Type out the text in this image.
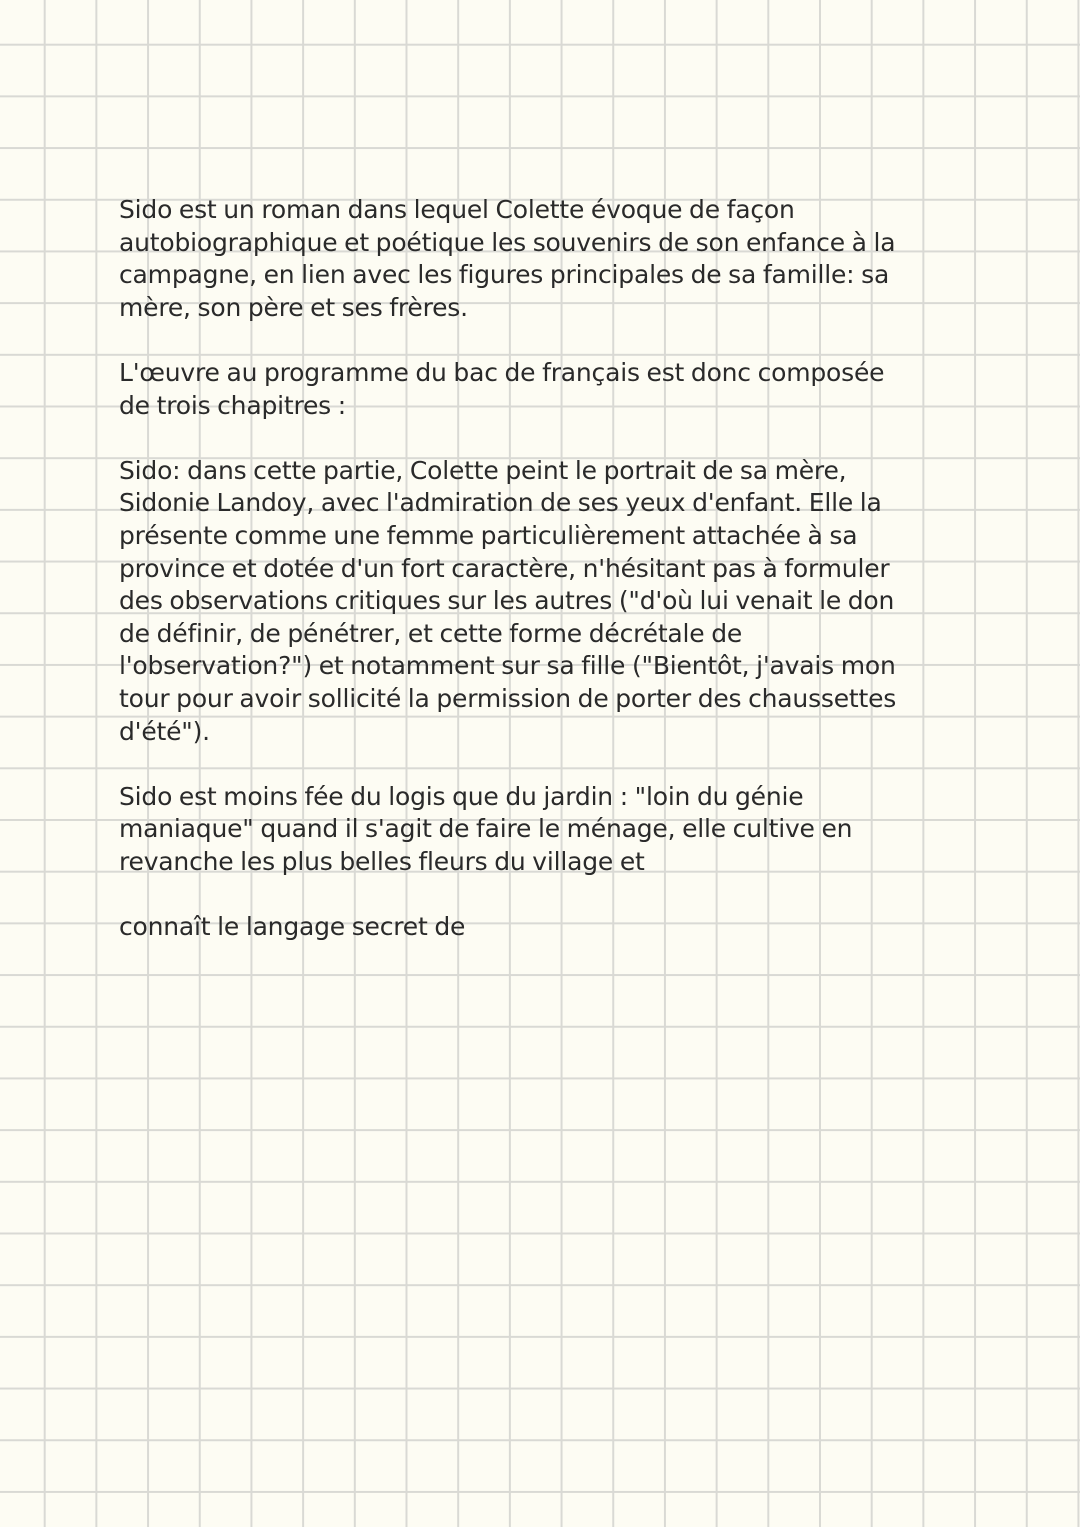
Sido est un roman dans lequel Colette évoque de façon autobiographique et poétique les souvenirs de son enfance à la campagne, en lien avec les figures principales de sa famille: sa mère, son père et ses frères.

L'œuvre au programme du bac de français est donc composée de trois chapitres :

Sido: dans cette partie, Colette peint le portrait de sa mère, Sidonie Landoy, avec l'admiration de ses yeux d'enfant. Elle la présente comme une femme particulièrement attachée à sa province et dotée d'un fort caractère, n'hésitant pas à formuler des observations critiques sur les autres ("d'où lui venait le don de définir, de pénétrer, et cette forme décrétale de l'observation?") et notamment sur sa fille ("Bientôt, j'avais mon tour pour avoir sollicité la permission de porter des chaussettes d'été").

Sido est moins fée du logis que du jardin : "loin du génie maniaque" quand il s'agit de faire le ménage, elle cultive en revanche les plus belles fleurs du village et

connaît le langage secret de
